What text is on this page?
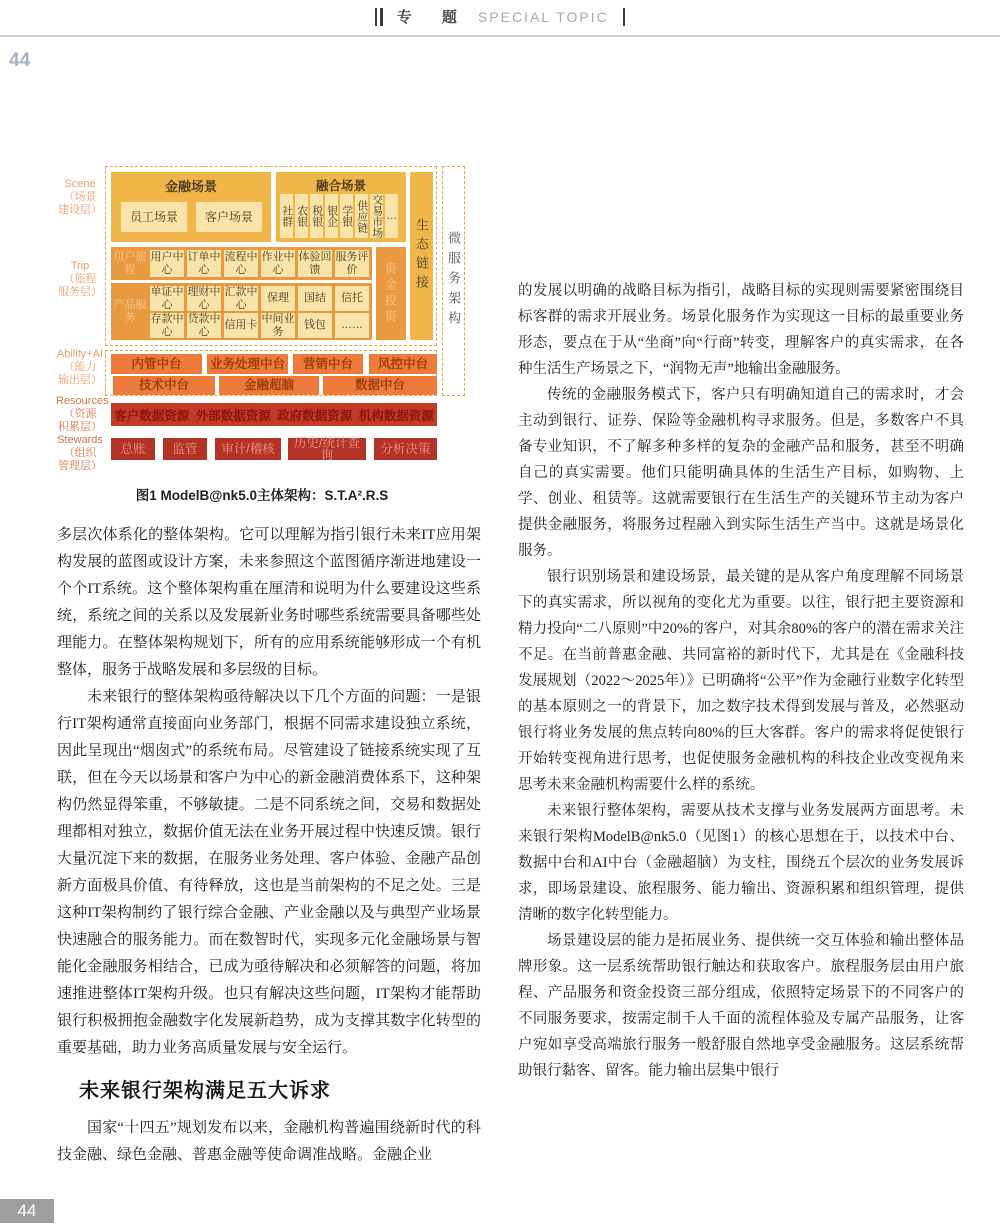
专 题 SPECIAL TOPIC
44
Scene
（场景
建设层）
Trip
（旅程
服务层）
Ability+AI
（能力
输出层）
Resources
（资源
积累层）
Stewards
（组织
管理层）
微服务架构
金融场景
员工场景	客户场景
融合场景
社群 农银 税银 银企 学银 供应链 交易市场 …
生态链接
用户旅程
用户中心
订单中心
流程中心
作业中心
体验回馈
服务评价
产品服务
单证中心
理财中心
汇款中心
保理	国结	信托
存款中心
贷款中心
信用卡
中间业务
钱包	……	资金投资
内管中台	业务处理中台	营销中台	风控中台
技术中台	金融超脑	数据中台
客户数据资源 外部数据资源 政府数据资源 机构数据资源
总账	监管	审计/稽核	历史/统计查询	分析决策
图1 ModelB@nk5.0主体架构：S.T.A².R.S

多层次体系化的整体架构。它可以理解为指引银行未来IT应用架构发展的蓝图或设计方案，未来参照这个蓝图循序渐进地建设一个个IT系统。这个整体架构重在厘清和说明为什么要建设这些系统，系统之间的关系以及发展新业务时哪些系统需要具备哪些处理能力。在整体架构规划下，所有的应用系统能够形成一个有机整体，服务于战略发展和多层级的目标。

未来银行的整体架构亟待解决以下几个方面的问题：一是银行IT架构通常直接面向业务部门，根据不同需求建设独立系统，因此呈现出“烟囱式”的系统布局。尽管建设了链接系统实现了互联，但在今天以场景和客户为中心的新金融消费体系下，这种架构仍然显得笨重，不够敏捷。二是不同系统之间，交易和数据处理都相对独立，数据价值无法在业务开展过程中快速反馈。银行大量沉淀下来的数据，在服务业务处理、客户体验、金融产品创新方面极具价值、有待释放，这也是当前架构的不足之处。三是这种IT架构制约了银行综合金融、产业金融以及与典型产业场景快速融合的服务能力。而在数智时代，实现多元化金融场景与智能化金融服务相结合，已成为亟待解决和必须解答的问题，将加速推进整体IT架构升级。也只有解决这些问题，IT架构才能帮助银行积极拥抱金融数字化发展新趋势，成为支撑其数字化转型的重要基础，助力业务高质量发展与安全运行。

未来银行架构满足五大诉求

国家“十四五”规划发布以来，金融机构普遍围绕新时代的科技金融、绿色金融、普惠金融等使命调准战略。金融企业

的发展以明确的战略目标为指引，战略目标的实现则需要紧密围绕目标客群的需求开展业务。场景化服务作为实现这一目标的最重要业务形态，要点在于从“坐商”向“行商”转变，理解客户的真实需求，在各种生活生产场景之下，“润物无声”地输出金融服务。

传统的金融服务模式下，客户只有明确知道自己的需求时，才会主动到银行、证券、保险等金融机构寻求服务。但是，多数客户不具备专业知识，不了解多种多样的复杂的金融产品和服务，甚至不明确自己的真实需要。他们只能明确具体的生活生产目标，如购物、上学、创业、租赁等。这就需要银行在生活生产的关键环节主动为客户提供金融服务，将服务过程融入到实际生活生产当中。这就是场景化服务。

银行识别场景和建设场景，最关键的是从客户角度理解不同场景下的真实需求，所以视角的变化尤为重要。以往，银行把主要资源和精力投向“二八原则”中20%的客户，对其余80%的客户的潜在需求关注不足。在当前普惠金融、共同富裕的新时代下，尤其是在《金融科技发展规划（2022～2025年）》已明确将“公平”作为金融行业数字化转型的基本原则之一的背景下，加之数字技术得到发展与普及，必然驱动银行将业务发展的焦点转向80%的巨大客群。客户的需求将促使银行开始转变视角进行思考，也促使服务金融机构的科技企业改变视角来思考未来金融机构需要什么样的系统。

未来银行整体架构，需要从技术支撑与业务发展两方面思考。未来银行架构ModelB@nk5.0（见图1）的核心思想在于，以技术中台、数据中台和AI中台（金融超脑）为支柱，围绕五个层次的业务发展诉求，即场景建设、旅程服务、能力输出、资源积累和组织管理，提供清晰的数字化转型能力。

场景建设层的能力是拓展业务、提供统一交互体验和输出整体品牌形象。这一层系统帮助银行触达和获取客户。旅程服务层由用户旅程、产品服务和资金投资三部分组成，依照特定场景下的不同客户的不同服务要求，按需定制千人千面的流程体验及专属产品服务，让客户宛如享受高端旅行服务一般舒服自然地享受金融服务。这层系统帮助银行黏客、留客。能力输出层集中银行

44
